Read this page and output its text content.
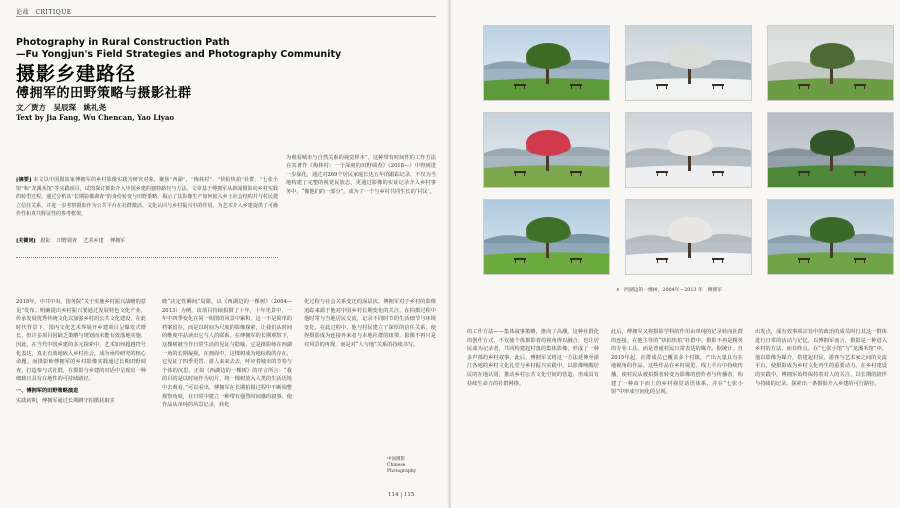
论战 CRITIQUE
Photography in Rural Construction Path
—Fu Yongjun's Field Strategies and Photography Community
摄影乡建路径
傅拥军的田野策略与摄影社群
文／贾方　吴辰琛　姚礼尧
Text by Jia Fang, Wu Chencan, Yao Liyao
为观看城市与自然关系的视觉样本”。这种带有时间性的工作方法在其著作《梅林村：一个深度的田野调查》（2018—）中得到进一步深化，通过对269个居民家庭长达五年的跟踪记录，不仅为当地构建了完整的视觉民族志，更通过影像的实证记录介入乡村事务中，“像他们的一部分”，成为了一个与乡村共同生长的‘村民’。
[摘要] 本文以中国摄影家傅拥军的乡村影像实践为研究对象，聚焦“西湖”、“梅林村”、“快拍快拍”社群、“七张小馆”和“龙溪禾馆”等实践项目，试图探讨摄影介入中国乡建的独特路径与方法。文章基于傅拥军从新闻摄影向乡村实践的转型过程，通过分析其“长期影像调查”的身份转变与田野策略，揭示了其影像生产如何嵌入乡土社会结构并与村民建立信任关系，并进一步考察摄影作为公共平台在社群激活、文化认同与乡村振兴中的作用。为艺术介入乡建提供了可操作性和真共辉证性的参考框架。
[关键词] 摄影 田野调查 艺术乡建 傅拥军

2018年，中共中央、国务院“关于实施乡村振兴战略的意见”发布。明确提出乡村振兴要通过发展特色文化产业，传承发展优秀传统文化以加强乡村的公共文化建设，在此时代背景下，国内文化艺术界展开乡建项目呈爆发式增长，但许多项目因缺乏策略与规划而未能有效落地实施。因此，在当代中国乡建的多元探索中，艺术如何超越符号化表达，真正有效地嵌入乡村社会，成为亟待研究的核心命题。而摄影师傅拥军的乡村影像实践通过长期田野调查，打造参与式社群，在摄影与乡建的对话中呈现出一种细致且具有在地性的可持续路径。

一、傅拥军的田野策略演进

实践初期，傅拥军通过长期蹲守拍摄获取实

破“决定性瞬间”局限，以《西湖边的一棵树》（2004—2013）为例，该项目持续拍摄了十年，十年光景中，一年中四季变化在同一构图的风景中累积，这一不是简单的档案留存，而是以时间为尺度的影像探索，让我们从时间的维度中品读出它与人的联系。在傅拥军的长期观察下，这棵树被当作日常生活的见证与隐喻，它是摄影师在西湖一角的长期凝视。在画面中，这棵树成为地标般的存在，它见证了四季更替、游人来来去去，呼应着城市的节奏与个体的沉思。正如《西湖边的一棵树》的序言所言：“我的目的是以时间作为切片，将一棵树放入人类的生活语境中去观看。”可以看出，傅拥军在长期拍摄过程中不断调整观察角度，在日常中建立一种带有强烈时间感的叙事，使作品从单纯的风景记录，转化

化过程与社会关系变迁的深层次。傅拥军对于乡村的影像追踪来源于他对中国乡村长期变化的关注。在拍摄过程中他时常与当地居民交流，记录不同时节的生活细节与环境变化，在此过程中，他与村民建立了深厚的信任关系，使得摄影成为连接外来者与本地社群的纽带。影像不再只是对风景的再现，而是对“人与地”关系的持续书写。

中国摄影
Chinese
Photography
114 | 115
∧ 西湖边的一棵树，2004年—2013 年　傅拥军
的工作方法——集体叙事策略，推向了高潮。这种社群化的创作方式，不仅使个体摄影者的视角得以融合，也让居民成为记录者，共同构建起村落的集体影像，形成了一种多声部的乡村叙事。此后，傅拥军又将这一方法延伸至浙江各地的乡村文化礼堂与乡村振兴实践中，以影像唤醒居民的在地认同，推动乡村公共文化空间的营造，形成具有持续生命力的社群网络。
此后，傅拥军又将摄影学科的作用由单纯的记录转向社群的连接。在他主导的“快拍快拍”社群中，摄影不再是精英的专业工具，而是普通村民日常表达的媒介。据统计，自2015年起，社群成员已覆盖多个村镇，产出大量具有在地视角的作品。这些作品在乡村展览、线上平台中持续传播，使村民从被拍摄者转变为影像的创作者与传播者，构建了一种由下而上的乡村视觉话语体系，并在“七张小馆”中形成空间化的呈现。
出发点，成有效事项宗旨中的政治的成员叫行其这一群体进行日常的活动与记忆，以傅拥军而言，摄影是一种进入乡村的方法，而非终点。在“七张小馆”与“龙溪禾馆”中，他以影像为媒介，搭建起村民、游客与艺术家之间的交流平台，使摄影成为乡村文化再生的重要动力。在乡村建设的实践中，傅拥军始终保持着对人的关注，以长期的陪伴与持续的记录，探索出一条摄影介入乡建的可行路径。
